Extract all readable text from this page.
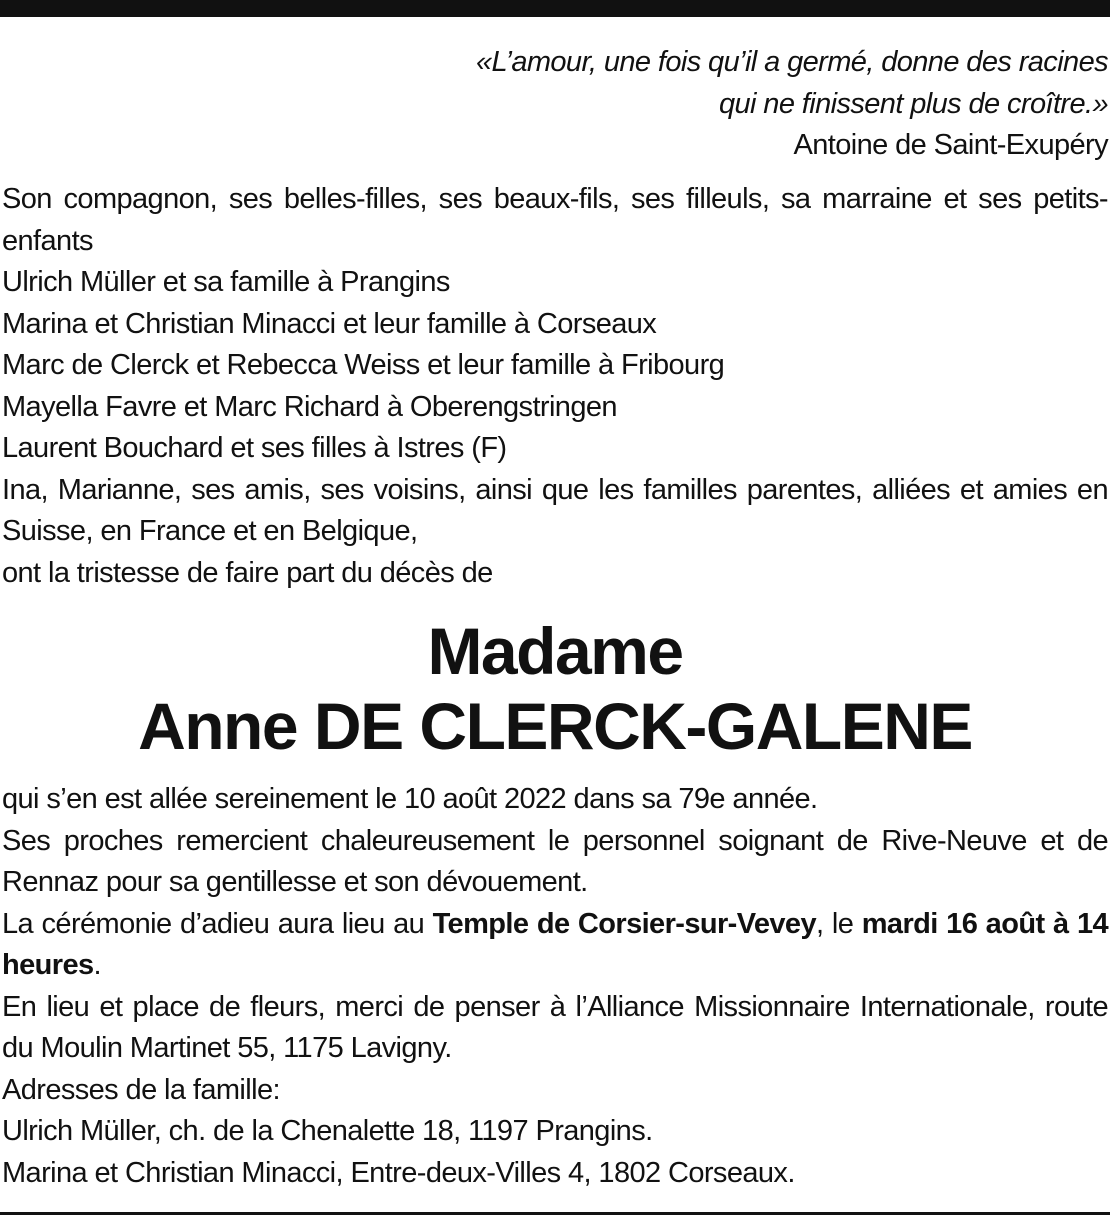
«L’amour, une fois qu’il a germé, donne des racines
qui ne finissent plus de croître.»
Antoine de Saint-Exupéry

Son compagnon, ses belles-filles, ses beaux-fils, ses filleuls, sa marraine et ses petits-enfants

Ulrich Müller et sa famille à Prangins

Marina et Christian Minacci et leur famille à Corseaux

Marc de Clerck et Rebecca Weiss et leur famille à Fribourg

Mayella Favre et Marc Richard à Oberengstringen

Laurent Bouchard et ses filles à Istres (F)

Ina, Marianne, ses amis, ses voisins, ainsi que les familles parentes, alliées et amies en Suisse, en France et en Belgique,

ont la tristesse de faire part du décès de

Madame
Anne DE CLERCK-GALENE

qui s’en est allée sereinement le 10 août 2022 dans sa 79e année.

Ses proches remercient chaleureusement le personnel soignant de Rive-Neuve et de Rennaz pour sa gentillesse et son dévouement.

La cérémonie d’adieu aura lieu au Temple de Corsier-sur-Vevey, le mardi 16 août à 14 heures.

En lieu et place de fleurs, merci de penser à l’Alliance Missionnaire Internationale, route du Moulin Martinet 55, 1175 Lavigny.

Adresses de la famille:

Ulrich Müller, ch. de la Chenalette 18, 1197 Prangins.

Marina et Christian Minacci, Entre-deux-Villes 4, 1802 Corseaux.
